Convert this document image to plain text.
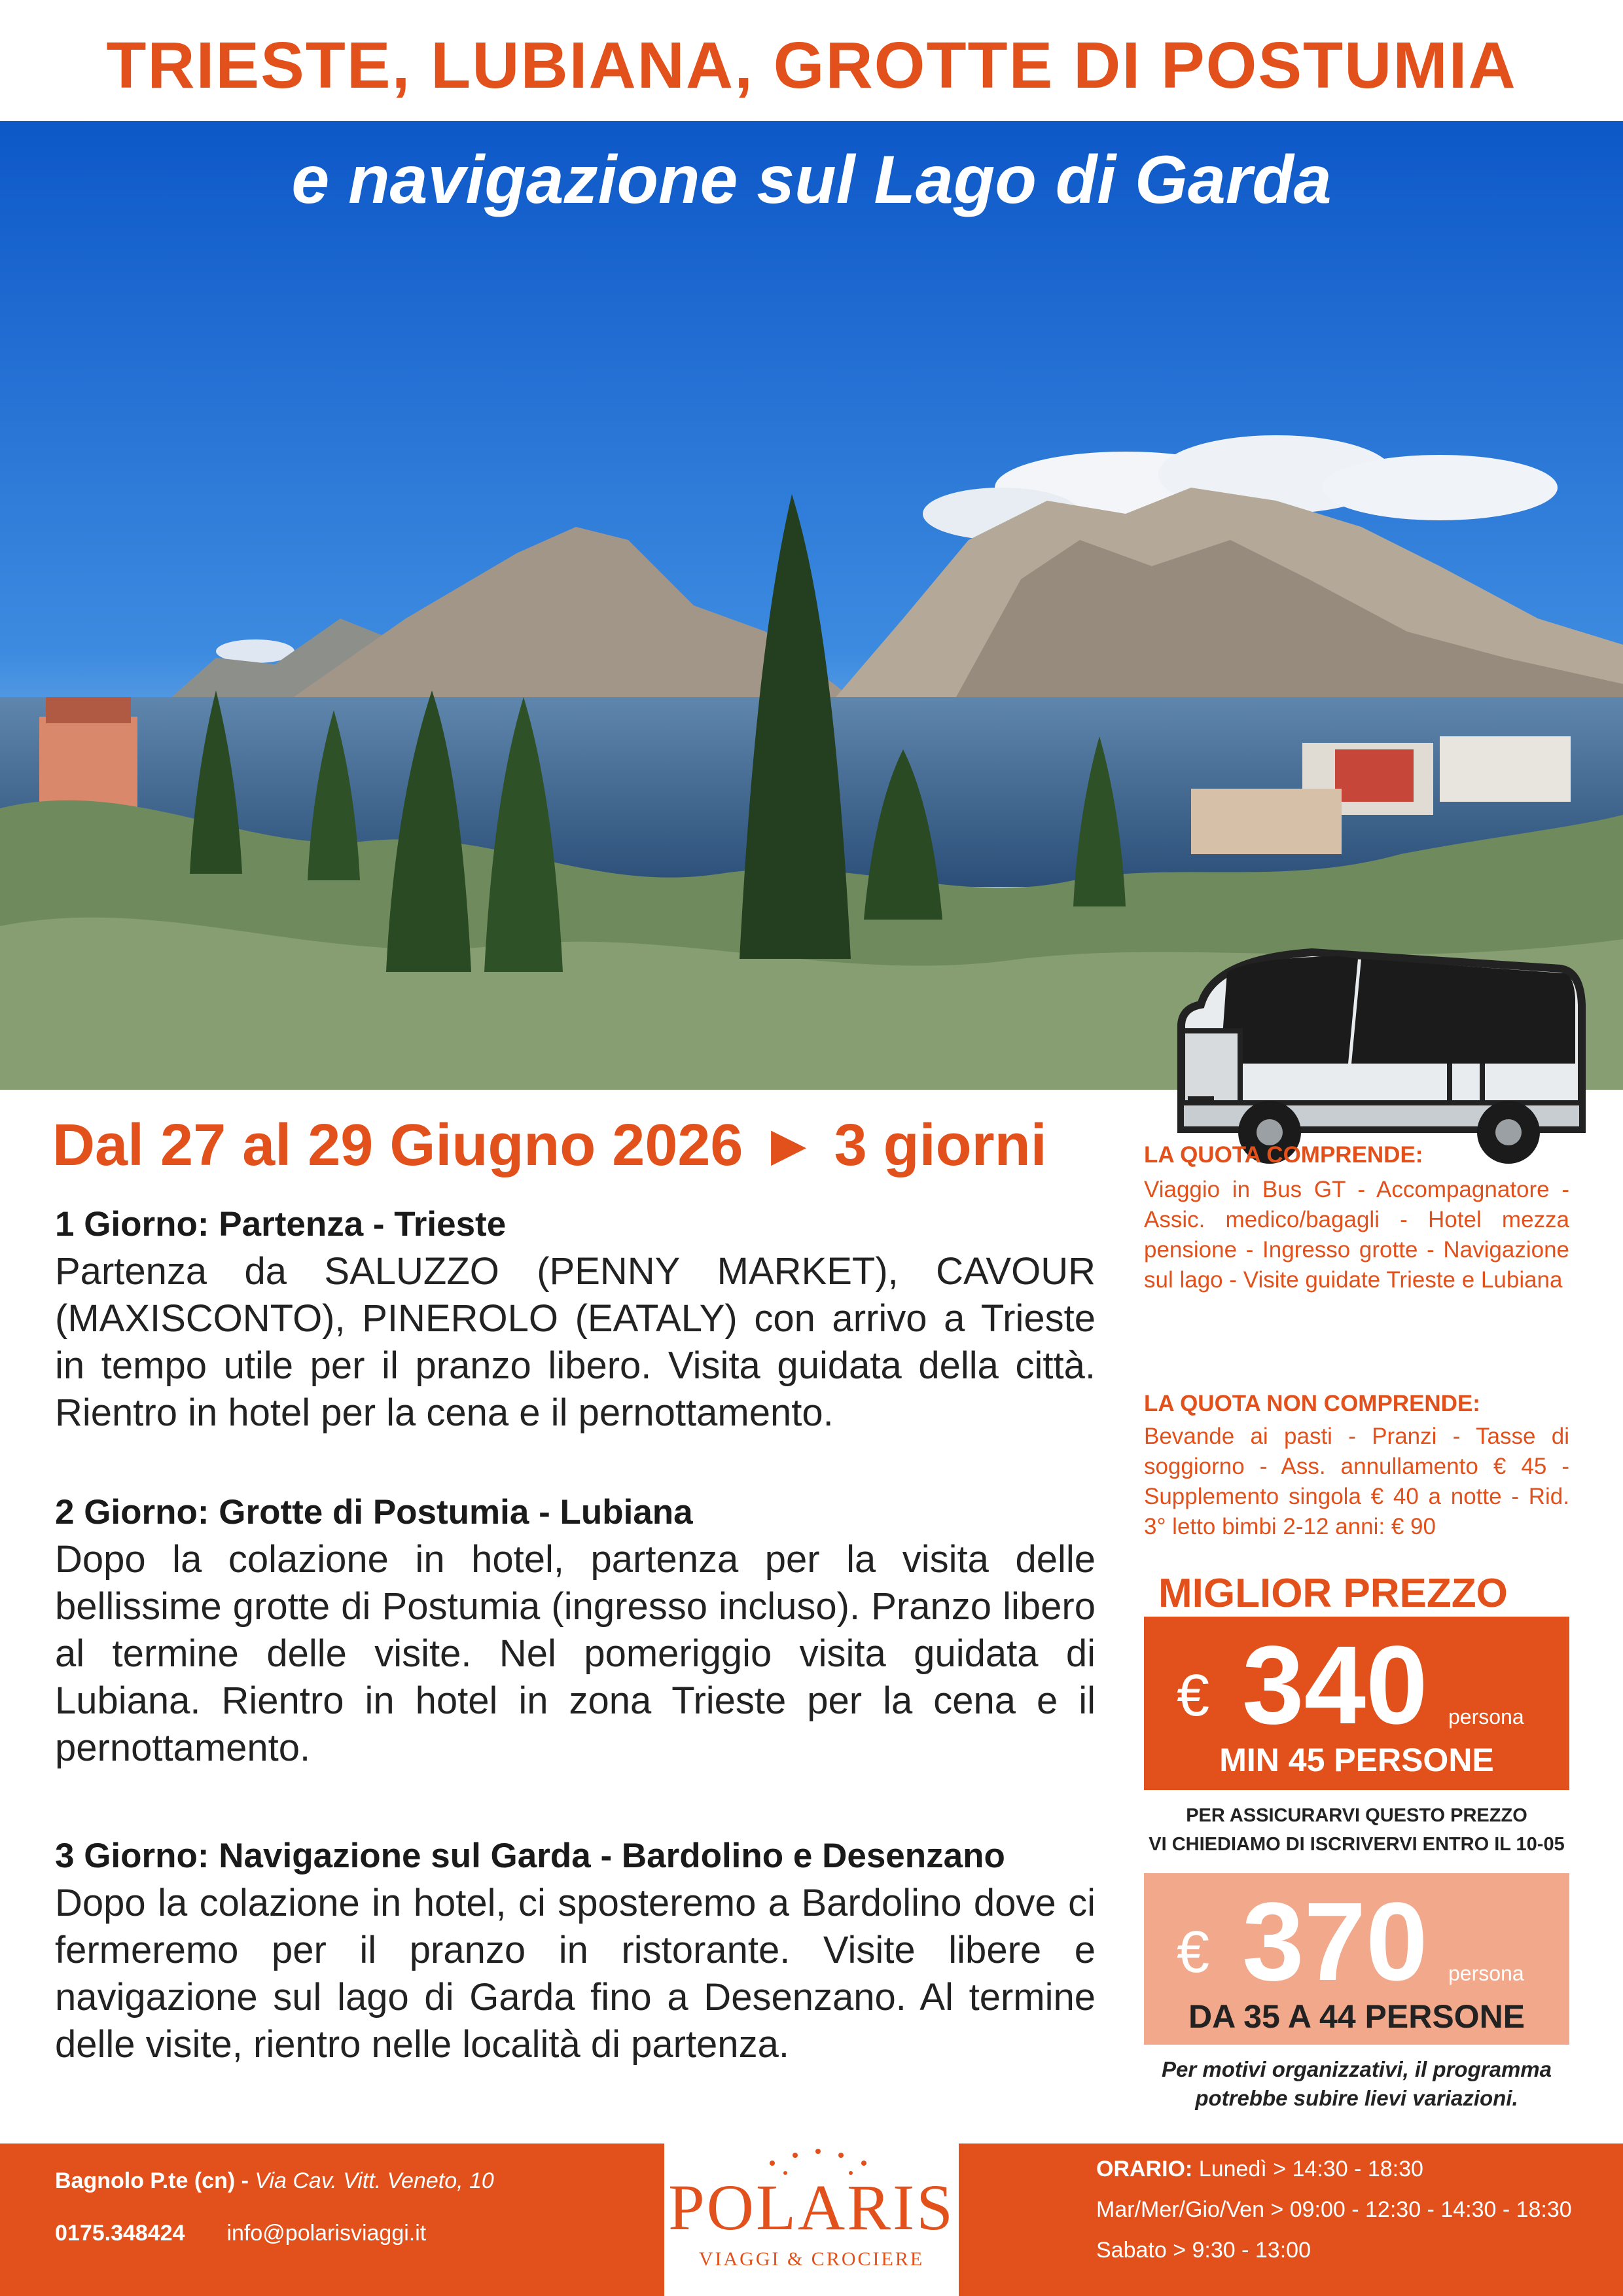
TRIESTE, LUBIANA, GROTTE DI POSTUMIA
e navigazione sul Lago di Garda
Dal 27 al 29 Giugno 2026 ► 3 giorni
1 Giorno: Partenza - Trieste

Partenza da SALUZZO (PENNY MARKET), CAVOUR (MAXISCONTO), PINEROLO (EATALY) con arrivo a Trieste in tempo utile per il pranzo libero. Visita guidata della città. Rientro in hotel per la cena e il pernottamento.

2 Giorno: Grotte di Postumia - Lubiana

Dopo la colazione in hotel, partenza per la visita delle bellissime grotte di Postumia (ingresso incluso). Pranzo libero al termine delle visite. Nel pomeriggio visita guidata di Lubiana. Rientro in hotel in zona Trieste per la cena e il pernottamento.

3 Giorno: Navigazione sul Garda - Bardolino e Desenzano

Dopo la colazione in hotel, ci sposteremo a Bardolino dove ci fermeremo per il pranzo in ristorante. Visite libere e navigazione sul lago di Garda fino a Desenzano. Al termine delle visite, rientro nelle località di partenza.

LA QUOTA COMPRENDE:
Viaggio in Bus GT - Accompagnatore - Assic. medico/bagagli - Hotel mezza pensione - Ingresso grotte - Navigazione sul lago - Visite guidate Trieste e Lubiana
LA QUOTA NON COMPRENDE:
Bevande ai pasti - Pranzi - Tasse di soggiorno - Ass. annullamento € 45 - Supplemento singola € 40 a notte - Rid. 3° letto bimbi 2-12 anni: € 90
MIGLIOR PREZZO
€ 340 persona
MIN 45 PERSONE
PER ASSICURARVI QUESTO PREZZO
VI CHIEDIAMO DI ISCRIVERVI ENTRO IL 10-05
€ 370 persona
DA 35 A 44 PERSONE
Per motivi organizzativi, il programma potrebbe subire lievi variazioni.
Bagnolo P.te (cn) - Via Cav. Vitt. Veneto, 10
0175.348424 info@polarisviaggi.it	POLARIS
VIAGGI & CROCIERE
ORARIO: Lunedì > 14:30 - 18:30
Mar/Mer/Gio/Ven > 09:00 - 12:30 - 14:30 - 18:30
Sabato > 9:30 - 13:00
